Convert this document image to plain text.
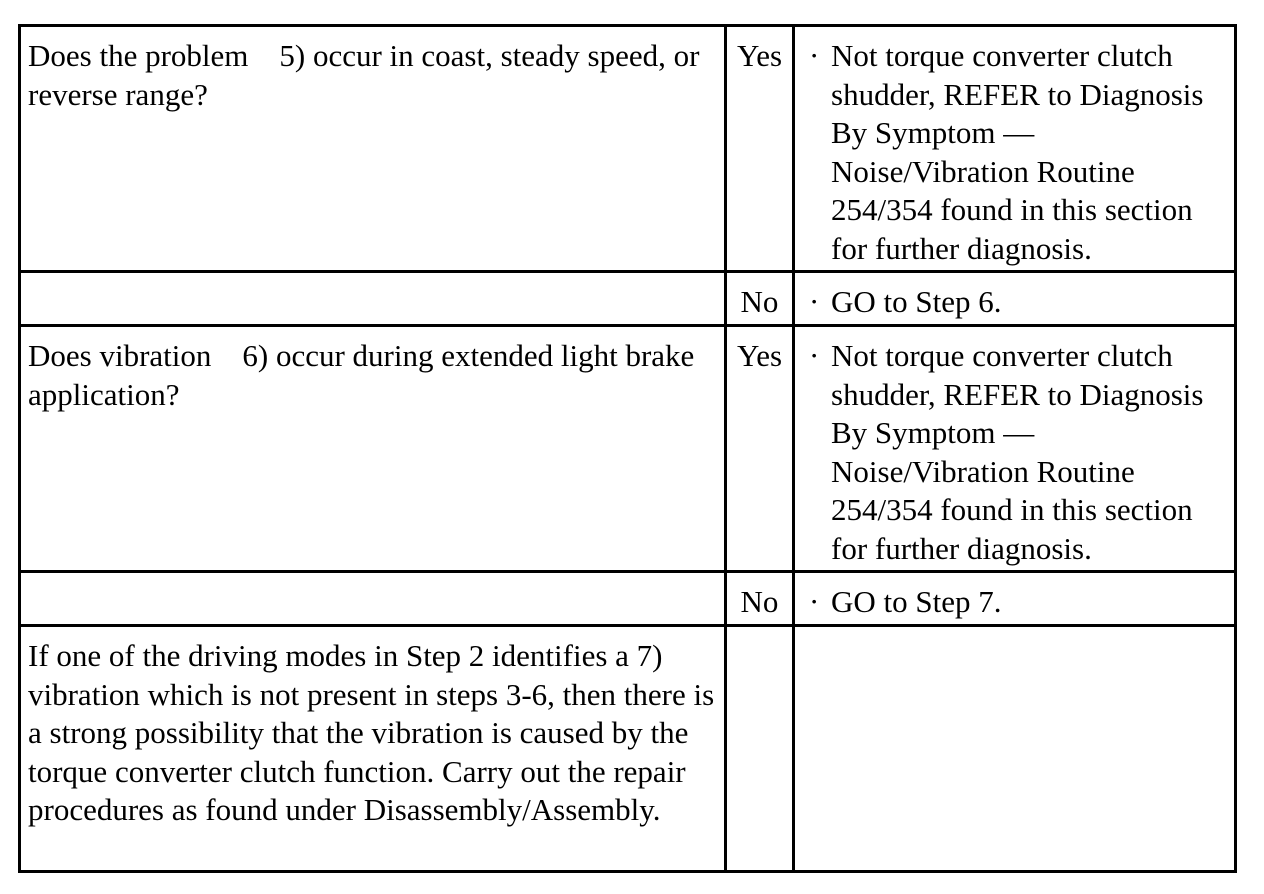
Does the problem    5) occur in coast, steady speed, or reverse range?	Yes	· Not torque converter clutch shudder, REFER to Diagnosis By Symptom — Noise/Vibration Routine 254/354 found in this section for further diagnosis.

	No	· GO to Step 6.

Does vibration    6) occur during extended light brake application?	Yes	· Not torque converter clutch shudder, REFER to Diagnosis By Symptom — Noise/Vibration Routine 254/354 found in this section for further diagnosis.

	No	· GO to Step 7.

If one of the driving modes in Step 2 identifies a 7) vibration which is not present in steps 3-6, then there is a strong possibility that the vibration is caused by the torque converter clutch function. Carry out the repair procedures as found under Disassembly/Assembly.		
